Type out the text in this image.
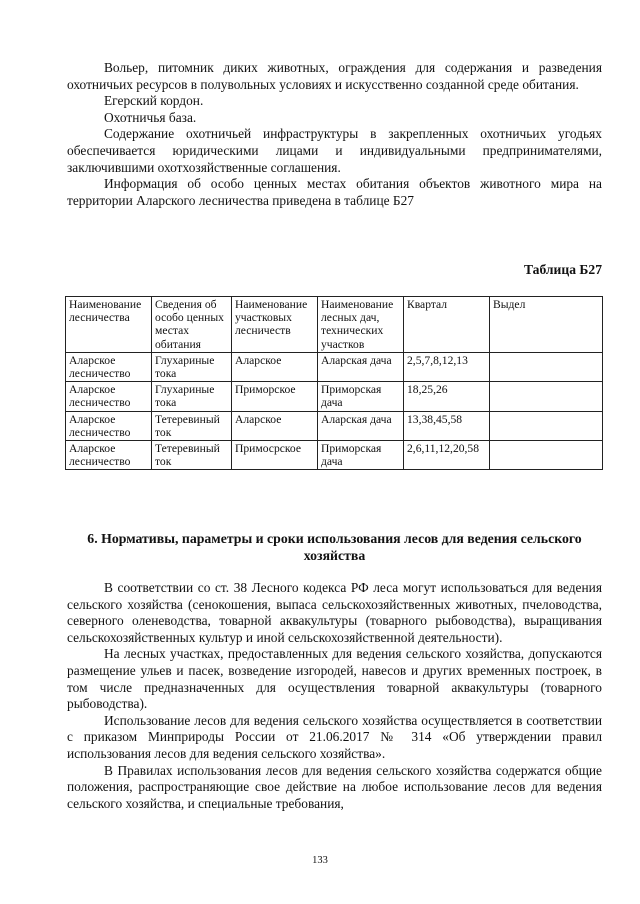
Вольер, питомник диких животных, ограждения для содержания и разведения охотничьих ресурсов в полувольных условиях и искусственно созданной среде обитания.

Егерский кордон.

Охотничья база.

Содержание охотничьей инфраструктуры в закрепленных охотничьих угодьях обеспечивается юридическими лицами и индивидуальными предпринимателями, заключившими охотхозяйственные соглашения.

Информация об особо ценных местах обитания объектов животного мира на территории Аларского лесничества приведена в таблице Б27

Таблица Б27
Наименование лесничества	Сведения об особо ценных местах обитания	Наименование участковых лесничеств	Наименование лесных дач, технических участков	Квартал	Выдел
Аларское лесничество	Глухариные тока	Аларское	Аларская дача	2,5,7,8,12,13	
Аларское лесничество	Глухариные тока	Приморское	Приморская дача	18,25,26	
Аларское лесничество	Тетеревиный ток	Аларское	Аларская дача	13,38,45,58	
Аларское лесничество	Тетеревиный ток	Примосрское	Приморская дача	2,6,11,12,20,58	
6. Нормативы, параметры и сроки использования лесов для ведения сельского хозяйства

В соответствии со ст. 38 Лесного кодекса РФ леса могут использоваться для ведения сельского хозяйства (сенокошения, выпаса сельскохозяйственных животных, пчеловодства, северного оленеводства, товарной аквакультуры (товарного рыбоводства), выращивания сельскохозяйственных культур и иной сельскохозяйственной деятельности).

На лесных участках, предоставленных для ведения сельского хозяйства, допускаются размещение ульев и пасек, возведение изгородей, навесов и других временных построек, в том числе предназначенных для осуществления товарной аквакультуры (товарного рыбоводства).

Использование лесов для ведения сельского хозяйства осуществляется в соответствии с приказом Минприроды России от 21.06.2017 № 314 «Об утверждении правил использования лесов для ведения сельского хозяйства».

В Правилах использования лесов для ведения сельского хозяйства содержатся общие положения, распространяющие свое действие на любое использование лесов для ведения сельского хозяйства, и специальные требования,

133
